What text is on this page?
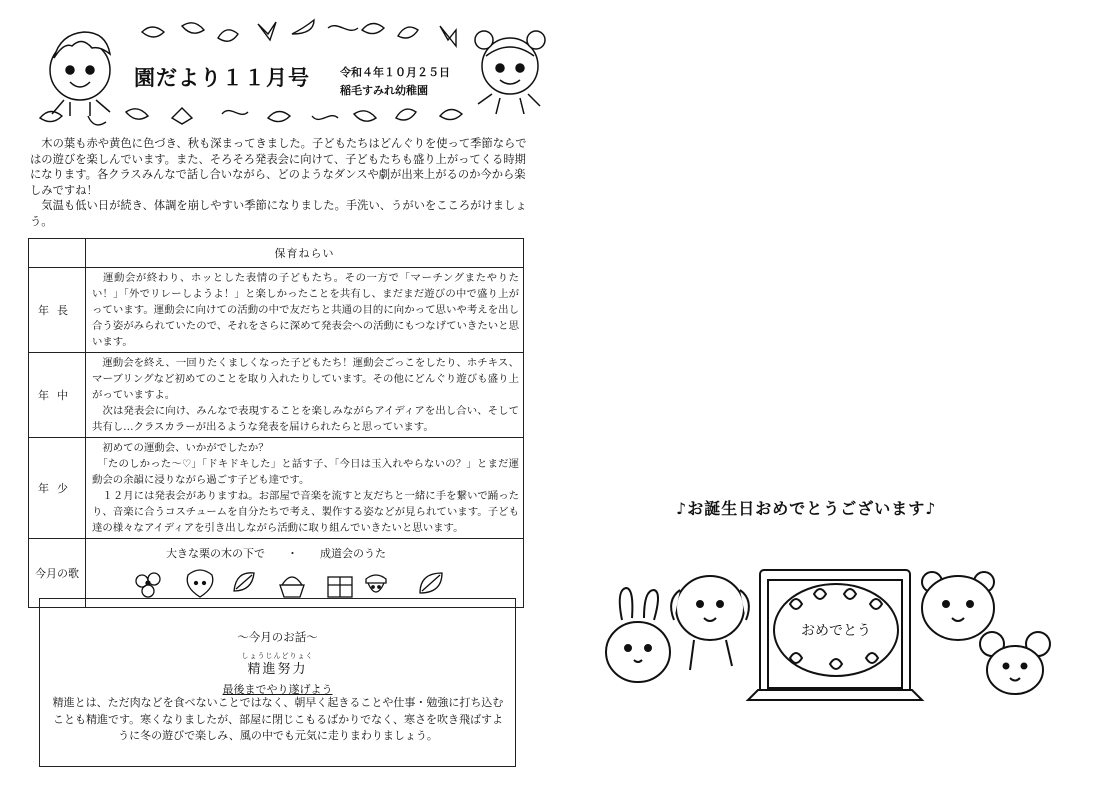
園だより１１月号	令和４年１０月２５日
稲毛すみれ幼稚園

　木の葉も赤や黄色に色づき、秋も深まってきました。子どもたちはどんぐりを使って季節ならではの遊びを楽しんでいます。また、そろそろ発表会に向けて、子どもたちも盛り上がってくる時期になります。各クラスみんなで話し合いながら、どのようなダンスや劇が出来上がるのか今から楽しみですね！

　気温も低い日が続き、体調を崩しやすい季節になりました。手洗い、うがいをこころがけましょう。

	保育ねらい
年長	　運動会が終わり、ホッとした表情の子どもたち。その一方で「マーチングまたやりたい！」「外でリレーしようよ！」と楽しかったことを共有し、まだまだ遊びの中で盛り上がっています。運動会に向けての活動の中で友だちと共通の目的に向かって思いや考えを出し合う姿がみられていたので、それをさらに深めて発表会への活動にもつなげていきたいと思います。

年中	　運動会を終え、一回りたくましくなった子どもたち！運動会ごっこをしたり、ホチキス、マーブリングなど初めてのことを取り入れたりしています。その他にどんぐり遊びも盛り上がっていますよ。

　次は発表会に向け、みんなで表現することを楽しみながらアイディアを出し合い、そして共有し…クラスカラーが出るような発表を届けられたらと思っています。

年少	　初めての運動会、いかがでしたか？

　「たのしかった〜♡」「ドキドキした」と話す子、「今日は玉入れやらないの？」とまだ運動会の余韻に浸りながら過ごす子ども達です。

　１２月には発表会がありますね。お部屋で音楽を流すと友だちと一緒に手を繋いで踊ったり、音楽に合うコスチュームを自分たちで考え、製作する姿などが見られています。子ども達の様々なアイディアを引き出しながら活動に取り組んでいきたいと思います。

今月の歌	大きな栗の木の下で　　・　　成道会のうた
～今月のお話～
しょうじんどりょく
精進努力
最後までやり遂げよう
精進とは、ただ肉などを食べないことではなく、朝早く起きることや仕事・勉強に打ち込むことも精進です。寒くなりましたが、部屋に閉じこもるばかりでなく、寒さを吹き飛ばすように冬の遊びで楽しみ、風の中でも元気に走りまわりましょう。
♪お誕生日おめでとうございます♪
おめでとう
